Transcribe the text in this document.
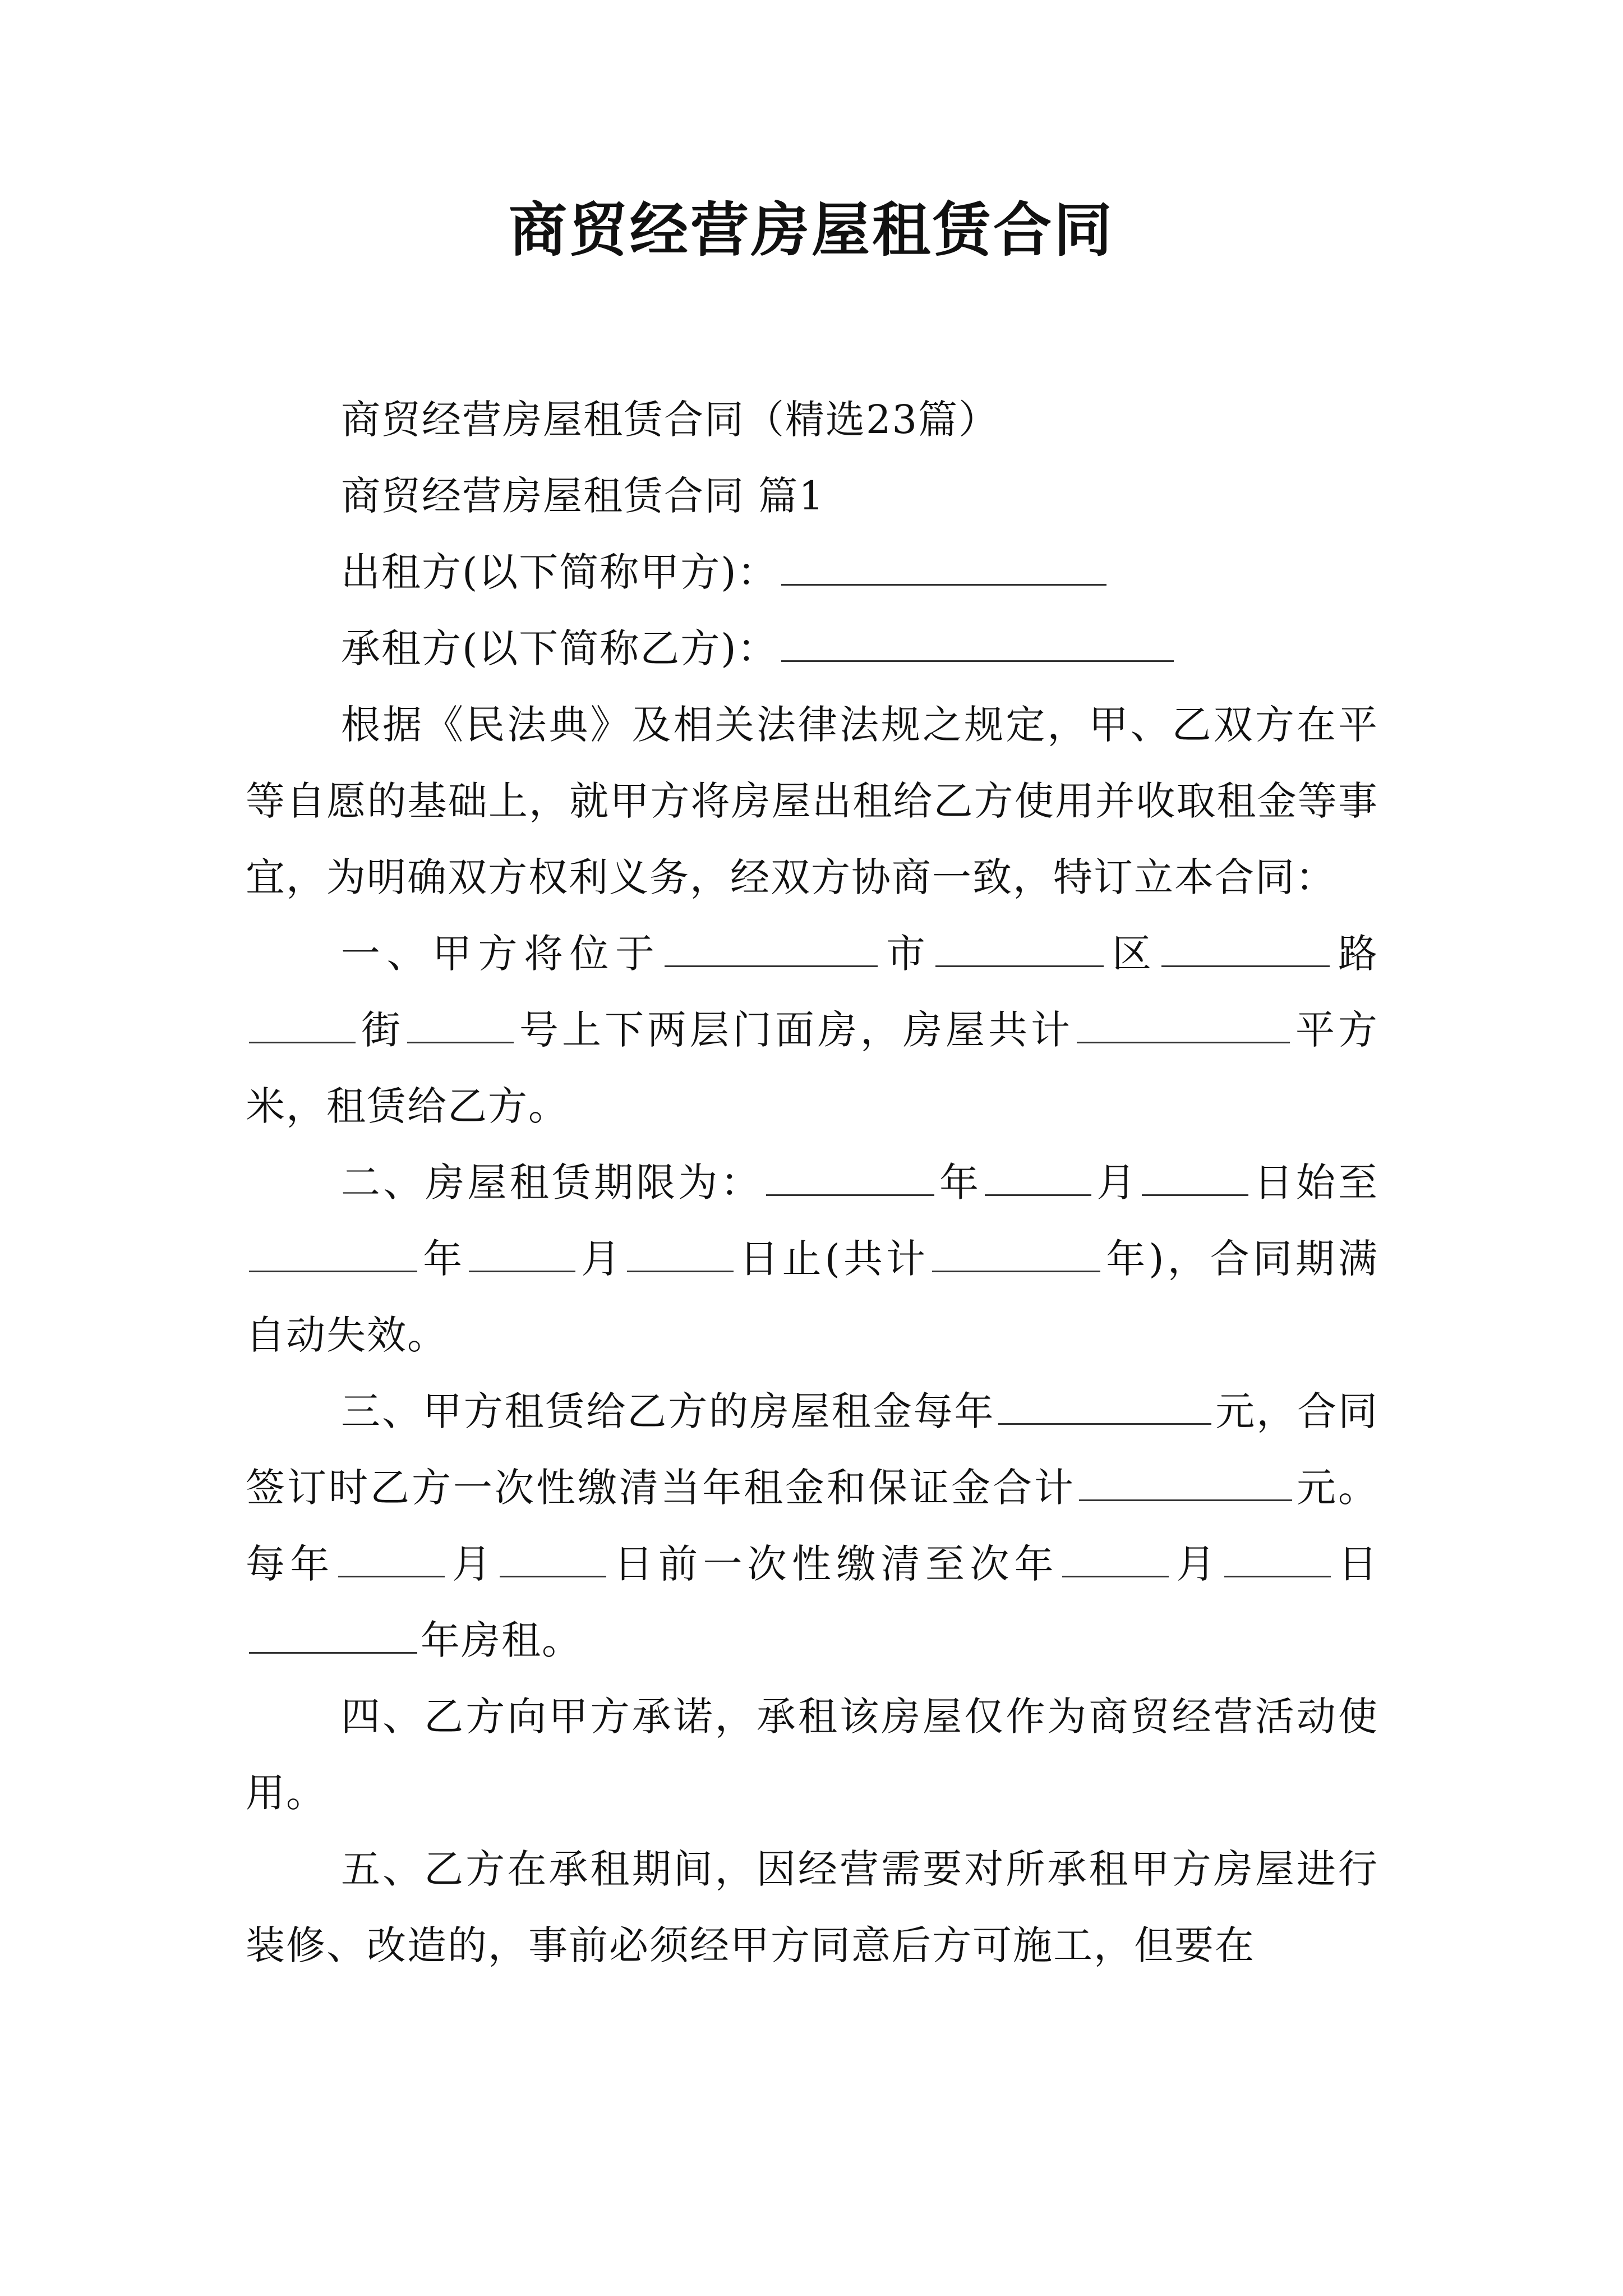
商贸经营房屋租赁合同

商贸经营房屋租赁合同（精选23篇）

商贸经营房屋租赁合同 篇1

出租方(以下简称甲方)：

承租方(以下简称乙方)：

根据《民法典》及相关法律法规之规定，甲、乙双方在平等自愿的基础上，就甲方将房屋出租给乙方使用并收取租金等事宜，为明确双方权利义务，经双方协商一致，特订立本合同：

一、甲方将位于	市	区	路街	号上下两层门面房，房屋共计	平方米，租赁给乙方。

二、房屋租赁期限为：	年	月	日始至年	月	日止(共计	年)，合同期满自动失效。

三、甲方租赁给乙方的房屋租金每年	元，合同签订时乙方一次性缴清当年租金和保证金合计	元。每年	月	日前一次性缴清至次年	月	日年房租。

四、乙方向甲方承诺，承租该房屋仅作为商贸经营活动使用。

五、乙方在承租期间，因经营需要对所承租甲方房屋进行装修、改造的，事前必须经甲方同意后方可施工，但要在
